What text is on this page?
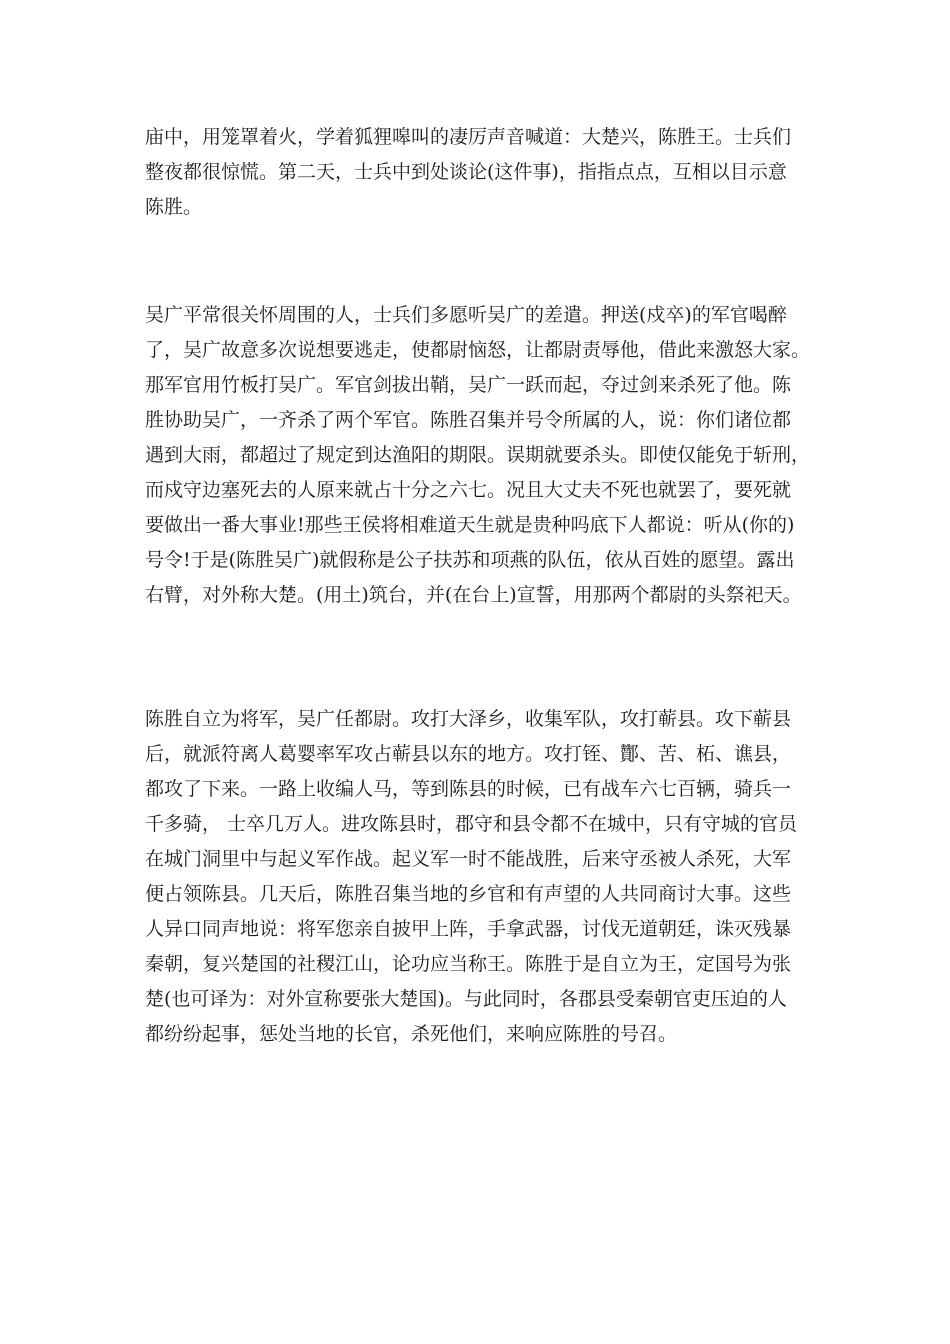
庙中，用笼罩着火，学着狐狸嗥叫的凄厉声音喊道：大楚兴，陈胜王。士兵们
整夜都很惊慌。第二天，士兵中到处谈论(这件事)，指指点点，互相以目示意
陈胜。
吴广平常很关怀周围的人，士兵们多愿听吴广的差遣。押送(戍卒)的军官喝醉
了，吴广故意多次说想要逃走，使都尉恼怒，让都尉责辱他，借此来激怒大家。
那军官用竹板打吴广。军官剑拔出鞘，吴广一跃而起，夺过剑来杀死了他。陈
胜协助吴广，一齐杀了两个军官。陈胜召集并号令所属的人，说：你们诸位都
遇到大雨，都超过了规定到达渔阳的期限。误期就要杀头。即使仅能免于斩刑，
而戍守边塞死去的人原来就占十分之六七。况且大丈夫不死也就罢了，要死就
要做出一番大事业!那些王侯将相难道天生就是贵种吗底下人都说：听从(你的)
号令!于是(陈胜吴广)就假称是公子扶苏和项燕的队伍，依从百姓的愿望。露出
右臂，对外称大楚。(用土)筑台，并(在台上)宣誓，用那两个都尉的头祭祀天。
陈胜自立为将军，吴广任都尉。攻打大泽乡，收集军队，攻打蕲县。攻下蕲县
后，就派符离人葛婴率军攻占蕲县以东的地方。攻打铚、酇、苦、柘、谯县，
都攻了下来。一路上收编人马，等到陈县的时候，已有战车六七百辆，骑兵一
千多骑， 士卒几万人。进攻陈县时，郡守和县令都不在城中，只有守城的官员
在城门洞里中与起义军作战。起义军一时不能战胜，后来守丞被人杀死，大军
便占领陈县。几天后，陈胜召集当地的乡官和有声望的人共同商讨大事。这些
人异口同声地说：将军您亲自披甲上阵，手拿武器，讨伐无道朝廷，诛灭残暴
秦朝，复兴楚国的社稷江山，论功应当称王。陈胜于是自立为王，定国号为张
楚(也可译为：对外宣称要张大楚国)。与此同时，各郡县受秦朝官吏压迫的人
都纷纷起事，惩处当地的长官，杀死他们，来响应陈胜的号召。
